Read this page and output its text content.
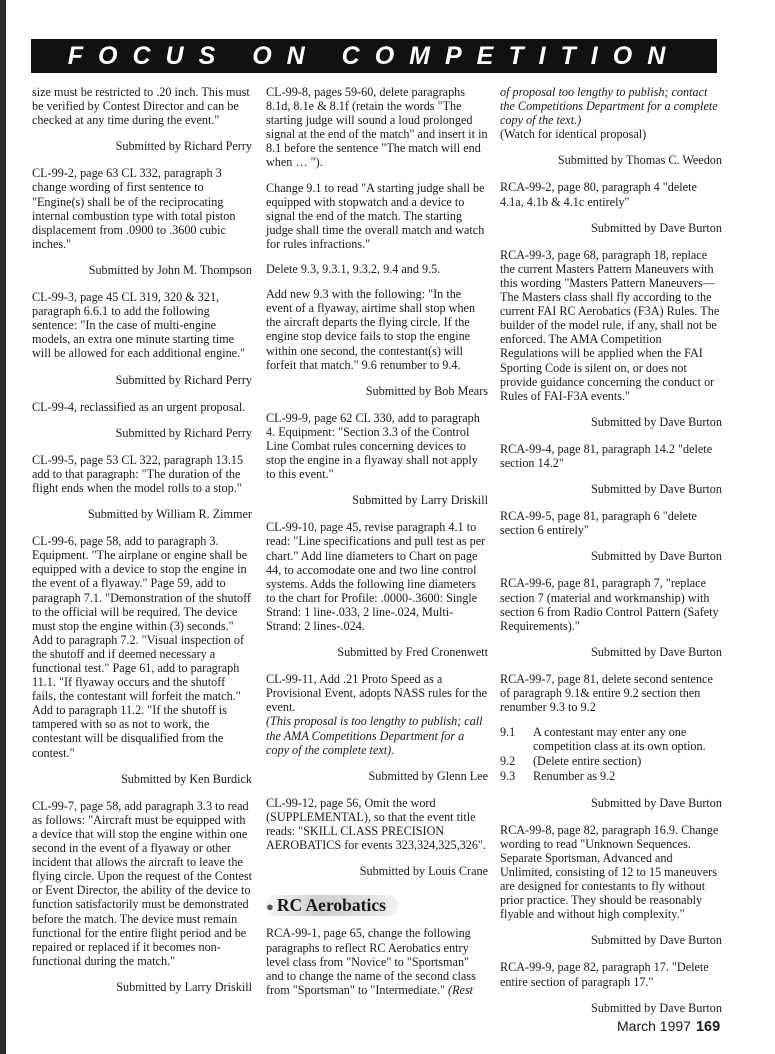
FOCUS ON COMPETITION

size must be restricted to .20 inch. This must be verified by Contest Director and can be checked at any time during the event."

Submitted by Richard Perry

CL-99-2, page 63 CL 332, paragraph 3 change wording of first sentence to "Engine(s) shall be of the reciprocating internal combustion type with total piston displacement from .0900 to .3600 cubic inches."

Submitted by John M. Thompson

CL-99-3, page 45 CL 319, 320 & 321, paragraph 6.6.1 to add the following sentence: "In the case of multi-engine models, an extra one minute starting time will be allowed for each additional engine."

Submitted by Richard Perry

CL-99-4, reclassified as an urgent proposal.

Submitted by Richard Perry

CL-99-5, page 53 CL 322, paragraph 13.15 add to that paragraph: "The duration of the flight ends when the model rolls to a stop."

Submitted by William R. Zimmer

CL-99-6, page 58, add to paragraph 3. Equipment. "The airplane or engine shall be equipped with a device to stop the engine in the event of a flyaway." Page 59, add to paragraph 7.1. "Demonstration of the shutoff to the official will be required. The device must stop the engine within (3) seconds." Add to paragraph 7.2. "Visual inspection of the shutoff and if deemed necessary a functional test." Page 61, add to paragraph 11.1. "If flyaway occurs and the shutoff fails, the contestant will forfeit the match." Add to paragraph 11.2. "If the shutoff is tampered with so as not to work, the contestant will be disqualified from the contest."

Submitted by Ken Burdick

CL-99-7, page 58, add paragraph 3.3 to read as follows: "Aircraft must be equipped with a device that will stop the engine within one second in the event of a flyaway or other incident that allows the aircraft to leave the flying circle. Upon the request of the Contest or Event Director, the ability of the device to function satisfactorily must be demonstrated before the match. The device must remain functional for the entire flight period and be repaired or replaced if it becomes non-functional during the match."

Submitted by Larry Driskill

CL-99-8, pages 59-60, delete paragraphs 8.1d, 8.1e & 8.1f (retain the words "The starting judge will sound a loud prolonged signal at the end of the match" and insert it in 8.1 before the sentence "The match will end when … ").

Change 9.1 to read "A starting judge shall be equipped with stopwatch and a device to signal the end of the match. The starting judge shall time the overall match and watch for rules infractions."

Delete 9.3, 9.3.1, 9.3.2, 9.4 and 9.5.

Add new 9.3 with the following: "In the event of a flyaway, airtime shall stop when the aircraft departs the flying circle. If the engine stop device fails to stop the engine within one second, the contestant(s) will forfeit that match." 9.6 renumber to 9.4.

Submitted by Bob Mears

CL-99-9, page 62 CL 330, add to paragraph 4. Equipment: "Section 3.3 of the Control Line Combat rules concerning devices to stop the engine in a flyaway shall not apply to this event."

Submitted by Larry Driskill

CL-99-10, page 45, revise paragraph 4.1 to read: "Line specifications and pull test as per chart." Add line diameters to Chart on page 44, to accomodate one and two line control systems. Adds the following line diameters to the chart for Profile: .0000-.3600: Single Strand: 1 line-.033, 2 line-.024, Multi-Strand: 2 lines-.024.

Submitted by Fred Cronenwett

CL-99-11, Add .21 Proto Speed as a Provisional Event, adopts NASS rules for the event.
(This proposal is too lengthy to publish; call the AMA Competitions Department for a copy of the complete text).

Submitted by Glenn Lee

CL-99-12, page 56, Omit the word (SUPPLEMENTAL), so that the event title reads: "SKILL CLASS PRECISION AEROBATICS for events 323,324,325,326".

Submitted by Louis Crane

● RC Aerobatics

RCA-99-1, page 65, change the following paragraphs to reflect RC Aerobatics entry level class from "Novice" to "Sportsman" and to change the name of the second class from "Sportsman" to "Intermediate." (Rest

of proposal too lengthy to publish; contact the Competitions Department for a complete copy of the text.)
(Watch for identical proposal)

Submitted by Thomas C. Weedon

RCA-99-2, page 80, paragraph 4 "delete 4.1a, 4.1b & 4.1c entirely"

Submitted by Dave Burton

RCA-99-3, page 68, paragraph 18, replace the current Masters Pattern Maneuvers with this wording "Masters Pattern Maneuvers— The Masters class shall fly according to the current FAI RC Aerobatics (F3A) Rules. The builder of the model rule, if any, shall not be enforced. The AMA Competition Regulations will be applied when the FAI Sporting Code is silent on, or does not provide guidance concerning the conduct or Rules of FAI-F3A events."

Submitted by Dave Burton

RCA-99-4, page 81, paragraph 14.2 "delete section 14.2"

Submitted by Dave Burton

RCA-99-5, page 81, paragraph 6 "delete section 6 entirely"

Submitted by Dave Burton

RCA-99-6, page 81, paragraph 7, "replace section 7 (material and workmanship) with section 6 from Radio Control Pattern (Safety Requirements)."

Submitted by Dave Burton

RCA-99-7, page 81, delete second sentence of paragraph 9.1& entire 9.2 section then renumber 9.3 to 9.2

9.1	A contestant may enter any one competition class at its own option.
9.2	(Delete entire section)
9.3	Renumber as 9.2

Submitted by Dave Burton

RCA-99-8, page 82, paragraph 16.9. Change wording to read "Unknown Sequences. Separate Sportsman, Advanced and Unlimited, consisting of 12 to 15 maneuvers are designed for contestants to fly without prior practice. They should be reasonably flyable and without high complexity."

Submitted by Dave Burton

RCA-99-9, page 82, paragraph 17. "Delete entire section of paragraph 17."

Submitted by Dave Burton

March 1997 169
